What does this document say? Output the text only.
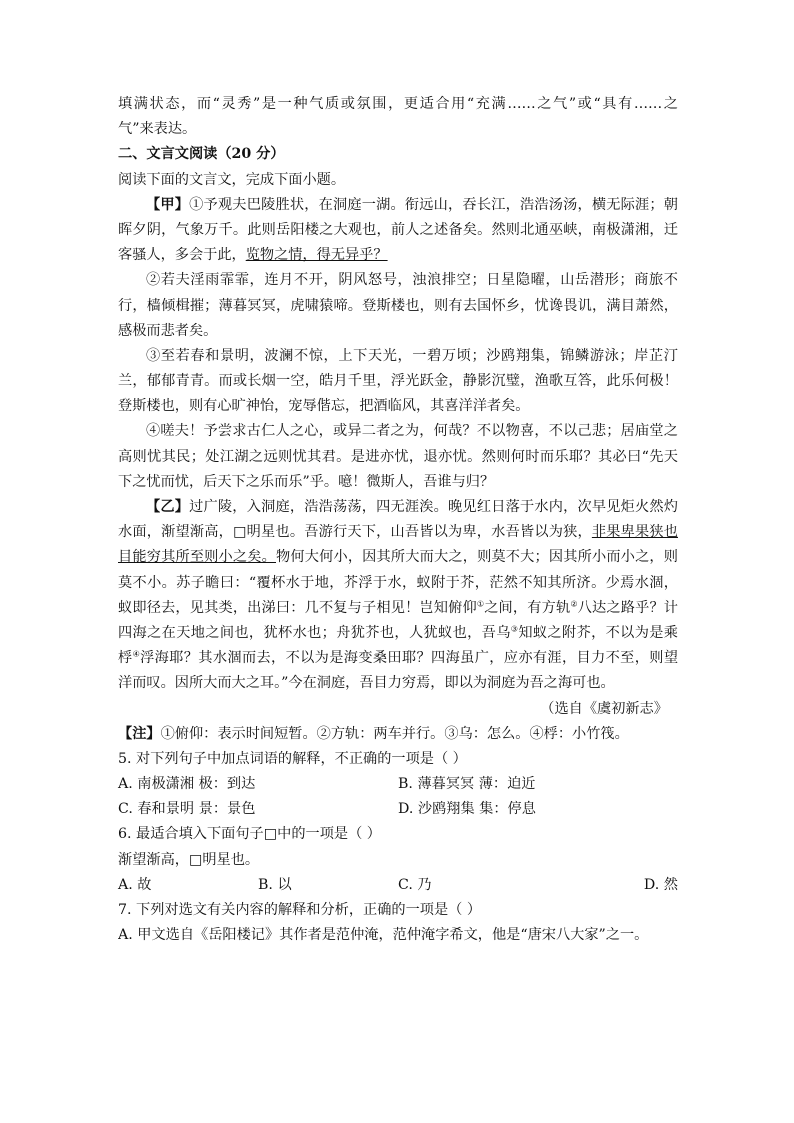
填满状态，而“灵秀”是一种气质或氛围，更适合用“充满……之气”或“具有……之
气”来表达。
二、文言文阅读（20 分）
阅读下面的文言文，完成下面小题。
【甲】①予观夫巴陵胜状，在洞庭一湖。衔远山，吞长江，浩浩汤汤，横无际涯；朝
晖夕阴，气象万千。此则岳阳楼之大观也，前人之述备矣。然则北通巫峡，南极潇湘，迁
客骚人，多会于此，览物之情，得无异乎？
②若夫淫雨霏霏，连月不开，阴风怒号，浊浪排空；日星隐曜，山岳潜形；商旅不
行，樯倾楫摧；薄暮冥冥，虎啸猿啼。登斯楼也，则有去国怀乡，忧谗畏讥，满目萧然，
感极而悲者矣。
③至若春和景明，波澜不惊，上下天光，一碧万顷；沙鸥翔集，锦鳞游泳；岸芷汀
兰，郁郁青青。而或长烟一空，皓月千里，浮光跃金，静影沉璧，渔歌互答，此乐何极！
登斯楼也，则有心旷神怡，宠辱偕忘，把酒临风，其喜洋洋者矣。
④嗟夫！予尝求古仁人之心，或异二者之为，何哉？不以物喜，不以己悲；居庙堂之
高则忧其民；处江湖之远则忧其君。是进亦忧，退亦忧。然则何时而乐耶？其必曰“先天
下之忧而忧，后天下之乐而乐”乎。噫！微斯人，吾谁与归？
【乙】过广陵，入洞庭，浩浩荡荡，四无涯涘。晚见红日落于水内，次早见炬火然灼
水面，渐望渐高，□明星也。吾游行天下，山吾皆以为卑，水吾皆以为狭，非果卑果狭也
目能穷其所至则小之矣。物何大何小，因其所大而大之，则莫不大；因其所小而小之，则
莫不小。苏子瞻曰：“覆杯水于地，芥浮于水，蚁附于芥，茫然不知其所济。少焉水涸，
蚁即径去，见其类，出涕曰：几不复与子相见！岂知俯仰①之间，有方轨②八达之路乎？计
四海之在天地之间也，犹杯水也；舟犹芥也，人犹蚁也，吾乌③知蚁之附芥，不以为是乘
桴④浮海耶？其水涸而去，不以为是海变桑田耶？四海虽广，应亦有涯，目力不至，则望
洋而叹。因所大而大之耳。”今在洞庭，吾目力穷焉，即以为洞庭为吾之海可也。
（选自《虞初新志》
【注】①俯仰：表示时间短暂。②方轨：两车并行。③乌：怎么。④桴：小竹筏。
5. 对下列句子中加点词语的解释，不正确的一项是（ ）
A. 南极潇湘 极：到达	B. 薄暮冥冥 薄：迫近
C. 春和景明 景：景色	D. 沙鸥翔集 集：停息
6. 最适合填入下面句子□中的一项是（ ）
渐望渐高，□明星也。
A. 故	B. 以	C. 乃	D. 然
7. 下列对选文有关内容的解释和分析，正确的一项是（ ）
A. 甲文选自《岳阳楼记》其作者是范仲淹，范仲淹字希文，他是“唐宋八大家”之一。
